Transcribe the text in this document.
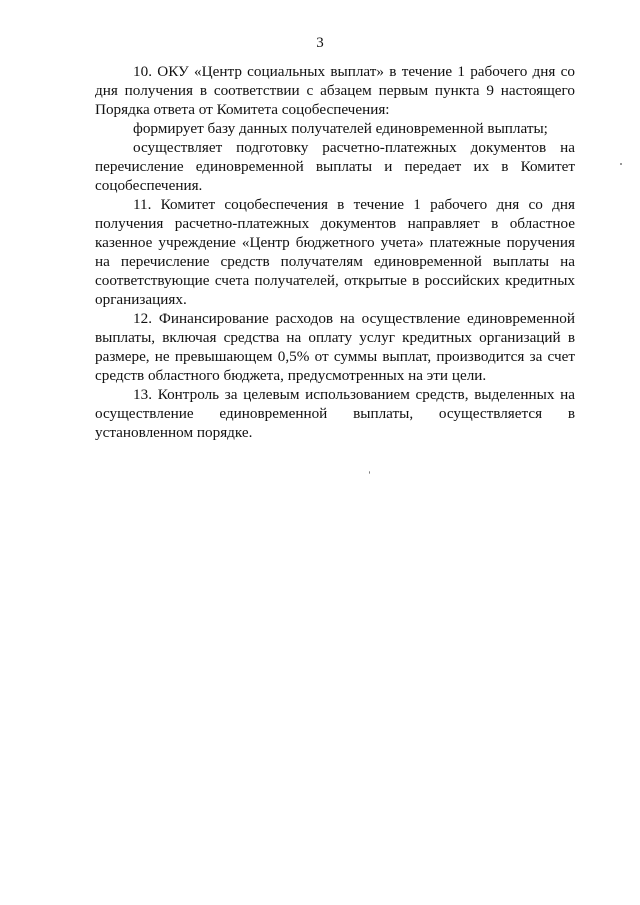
3

10. ОКУ «Центр социальных выплат» в течение 1 рабочего дня со дня получения в соответствии с абзацем первым пункта 9 настоящего Порядка ответа от Комитета соцобеспечения:

формирует базу данных получателей единовременной выплаты;

осуществляет подготовку расчетно-платежных документов на перечисление единовременной выплаты и передает их в Комитет соцобеспечения.

11. Комитет соцобеспечения в течение 1 рабочего дня со дня получения расчетно-платежных документов направляет в областное казенное учреждение «Центр бюджетного учета» платежные поручения на перечисление средств получателям единовременной выплаты на соответствующие счета получателей, открытые в российских кредитных организациях.

12. Финансирование расходов на осуществление единовременной выплаты, включая средства на оплату услуг кредитных организаций в размере, не превышающем 0,5% от суммы выплат, производится за счет средств областного бюджета, предусмотренных на эти цели.

13. Контроль за целевым использованием средств, выделенных на осуществление единовременной выплаты, осуществляется в установленном порядке.
